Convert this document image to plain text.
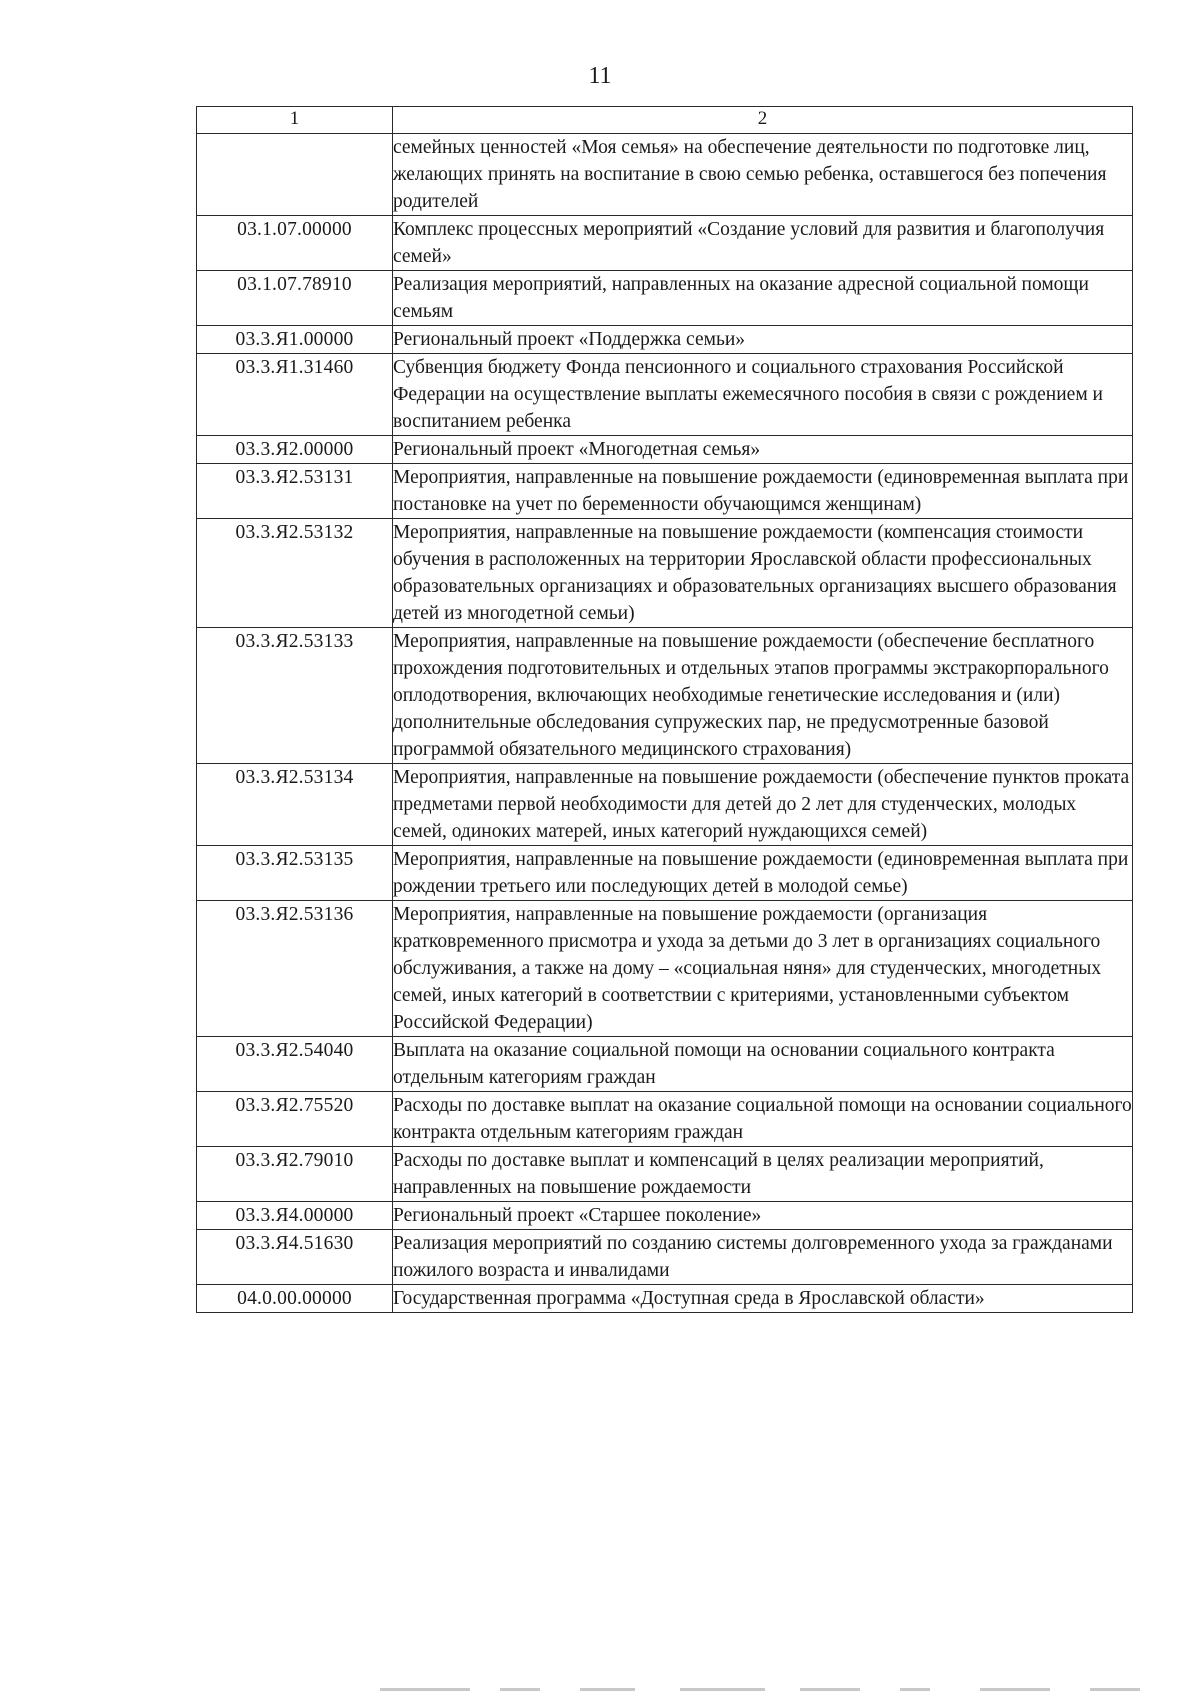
11
1	2
	семейных ценностей «Моя семья» на обеспечение деятельности по подготовке лиц, желающих принять на воспитание в свою семью ребенка, оставшегося без попечения родителей
03.1.07.00000	Комплекс процессных мероприятий «Создание условий для развития и благополучия семей»
03.1.07.78910	Реализация мероприятий, направленных на оказание адресной социальной помощи семьям
03.3.Я1.00000	Региональный проект «Поддержка семьи»
03.3.Я1.31460	Субвенция бюджету Фонда пенсионного и социального страхования Российской Федерации на осуществление выплаты ежемесячного пособия в связи с рождением и воспитанием ребенка
03.3.Я2.00000	Региональный проект «Многодетная семья»
03.3.Я2.53131	Мероприятия, направленные на повышение рождаемости (единовременная выплата при постановке на учет по беременности обучающимся женщинам)
03.3.Я2.53132	Мероприятия, направленные на повышение рождаемости (компенсация стоимости обучения в расположенных на территории Ярославской области профессиональных образовательных организациях и образовательных организациях высшего образования детей из многодетной семьи)
03.3.Я2.53133	Мероприятия, направленные на повышение рождаемости (обеспечение бесплатного прохождения подготовительных и отдельных этапов программы экстракорпорального оплодотворения, включающих необходимые генетические исследования и (или) дополнительные обследования супружеских пар, не предусмотренные базовой программой обязательного медицинского страхования)
03.3.Я2.53134	Мероприятия, направленные на повышение рождаемости (обеспечение пунктов проката предметами первой необходимости для детей до 2 лет для студенческих, молодых семей, одиноких матерей, иных категорий нуждающихся семей)
03.3.Я2.53135	Мероприятия, направленные на повышение рождаемости (единовременная выплата при рождении третьего или последующих детей в молодой семье)
03.3.Я2.53136	Мероприятия, направленные на повышение рождаемости (организация кратковременного присмотра и ухода за детьми до 3 лет в организациях социального обслуживания, а также на дому – «социальная няня» для студенческих, многодетных семей, иных категорий в соответствии с критериями, установленными субъектом Российской Федерации)
03.3.Я2.54040	Выплата на оказание социальной помощи на основании социального контракта отдельным категориям граждан
03.3.Я2.75520	Расходы по доставке выплат на оказание социальной помощи на основании социального контракта отдельным категориям граждан
03.3.Я2.79010	Расходы по доставке выплат и компенсаций в целях реализации мероприятий, направленных на повышение рождаемости
03.3.Я4.00000	Региональный проект «Старшее поколение»
03.3.Я4.51630	Реализация мероприятий по созданию системы долговременного ухода за гражданами пожилого возраста и инвалидами
04.0.00.00000	Государственная программа «Доступная среда в Ярославской области»
